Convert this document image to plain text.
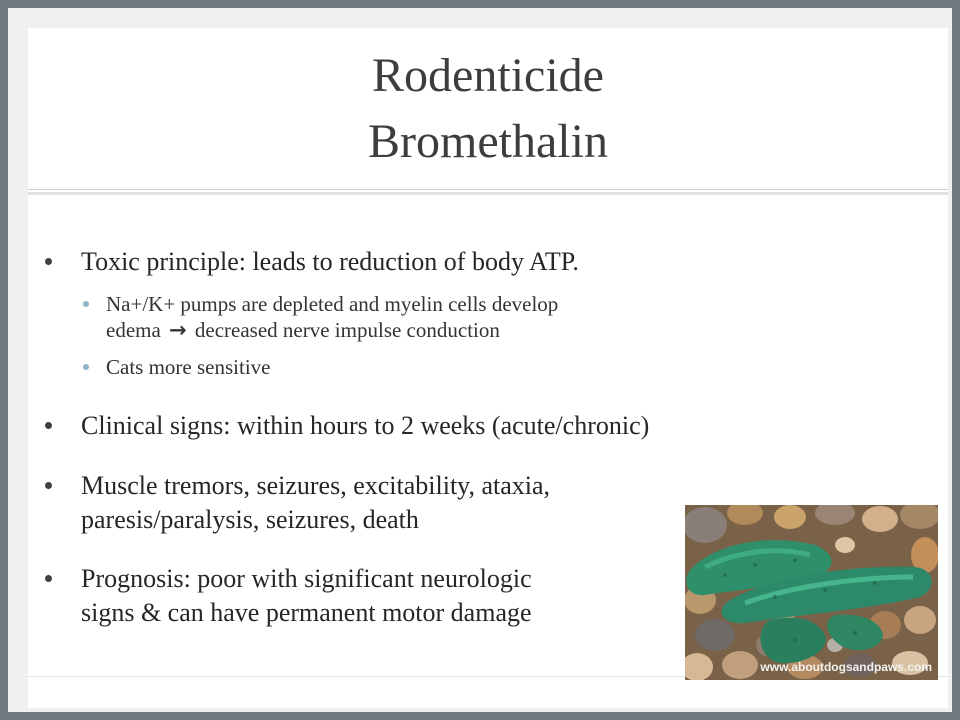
Rodenticide
Bromethalin
Toxic principle: leads to reduction of body ATP.
Na+/K+ pumps are depleted and myelin cells develop
edema → decreased nerve impulse conduction
Cats more sensitive
Clinical signs: within hours to 2 weeks (acute/chronic)
Muscle tremors, seizures, excitability, ataxia,
paresis/paralysis, seizures, death
Prognosis: poor with significant neurologic
signs & can have permanent motor damage
www.aboutdogsandpaws.com
